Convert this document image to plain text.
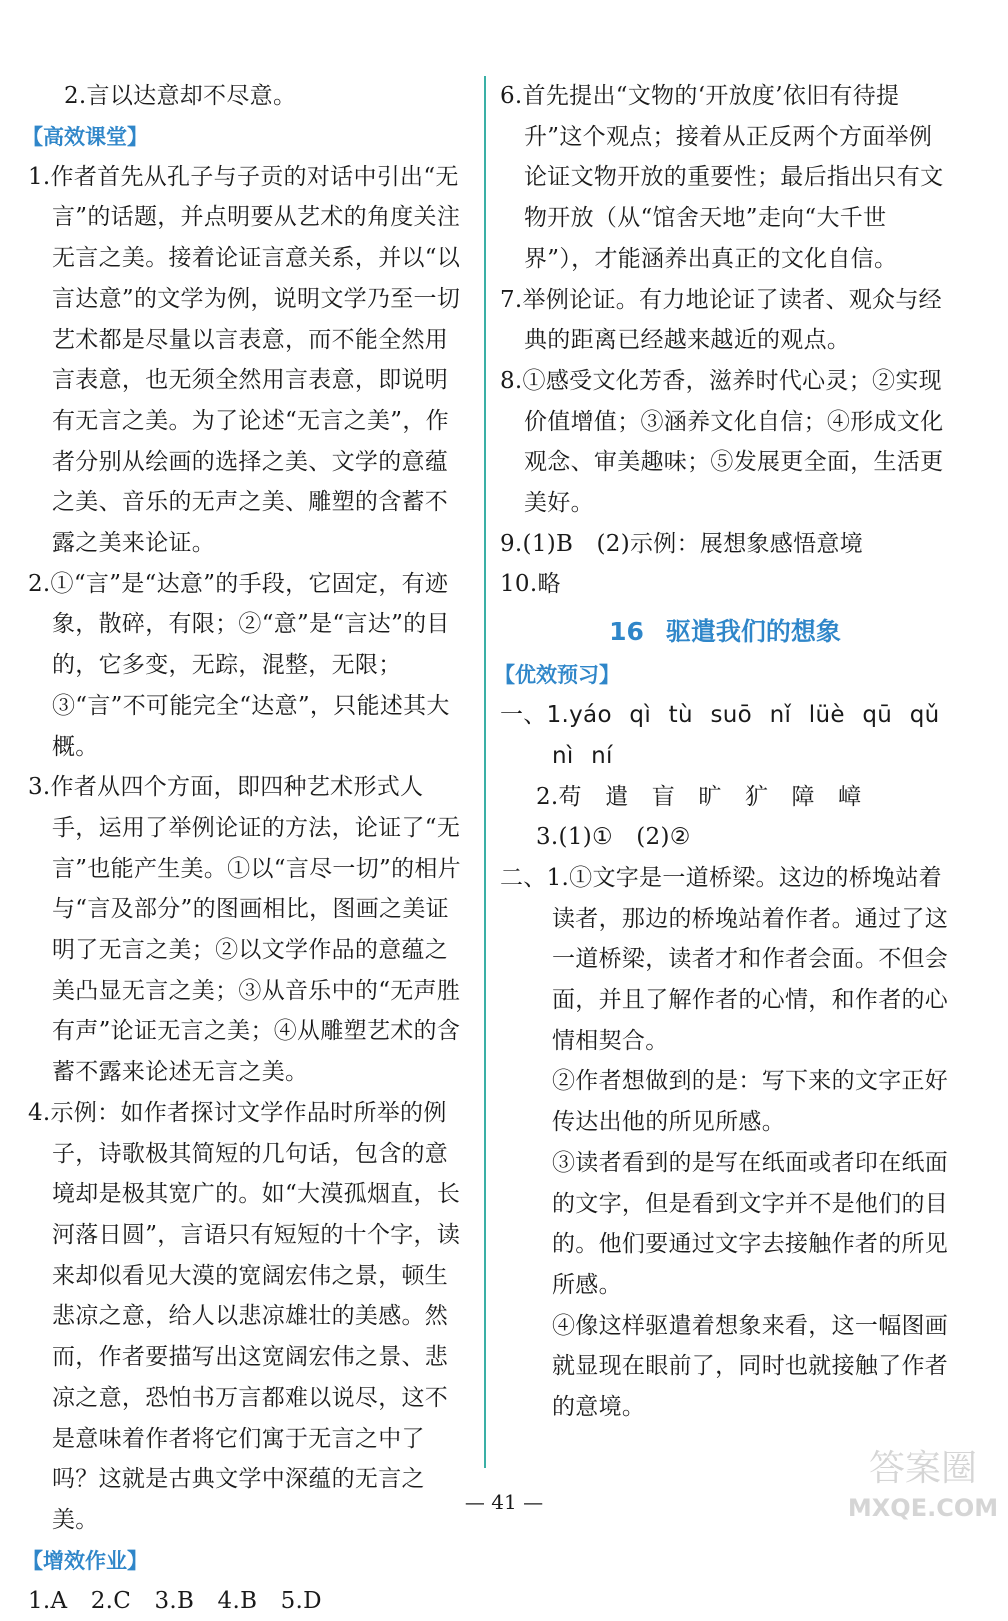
2.言以达意却不尽意。

【高效课堂】

1.作者首先从孔子与子贡的对话中引出“无言”的话题，并点明要从艺术的角度关注无言之美。接着论证言意关系，并以“以言达意”的文学为例，说明文学乃至一切艺术都是尽量以言表意，而不能全然用言表意，也无须全然用言表意，即说明有无言之美。为了论述“无言之美”，作者分别从绘画的选择之美、文学的意蕴之美、音乐的无声之美、雕塑的含蓄不露之美来论证。

2.①“言”是“达意”的手段，它固定，有迹象，散碎，有限；②“意”是“言达”的目的，它多变，无踪，混整，无限；③“言”不可能完全“达意”，只能述其大概。

3.作者从四个方面，即四种艺术形式人手，运用了举例论证的方法，论证了“无言”也能产生美。①以“言尽一切”的相片与“言及部分”的图画相比，图画之美证明了无言之美；②以文学作品的意蕴之美凸显无言之美；③从音乐中的“无声胜有声”论证无言之美；④从雕塑艺术的含蓄不露来论述无言之美。

4.示例：如作者探讨文学作品时所举的例子，诗歌极其简短的几句话，包含的意境却是极其宽广的。如“大漠孤烟直，长河落日圆”，言语只有短短的十个字，读来却似看见大漠的宽阔宏伟之景，顿生悲凉之意，给人以悲凉雄壮的美感。然而，作者要描写出这宽阔宏伟之景、悲凉之意，恐怕书万言都难以说尽，这不是意味着作者将它们寓于无言之中了吗？这就是古典文学中深蕴的无言之美。

【增效作业】

1.A　2.C　3.B　4.B　5.D

6.首先提出“文物的‘开放度’依旧有待提升”这个观点；接着从正反两个方面举例论证文物开放的重要性；最后指出只有文物开放（从“馆舍天地”走向“大千世界”），才能涵养出真正的文化自信。

7.举例论证。有力地论证了读者、观众与经典的距离已经越来越近的观点。

8.①感受文化芳香，滋养时代心灵；②实现价值增值；③涵养文化自信；④形成文化观念、审美趣味；⑤发展更全面，生活更美好。

9.(1)B　(2)示例：展想象感悟意境

10.略

16 驱遣我们的想象

【优效预习】

一、1.yáo qì tù suō nǐ lüè qū qǔ

nì ní

2.苟　遣　盲　旷　犷　障　嶂

3.(1)①　(2)②

二、1.①文字是一道桥梁。这边的桥堍站着读者，那边的桥堍站着作者。通过了这一道桥梁，读者才和作者会面。不但会面，并且了解作者的心情，和作者的心情相契合。

②作者想做到的是：写下来的文字正好传达出他的所见所感。

③读者看到的是写在纸面或者印在纸面的文字，但是看到文字并不是他们的目的。他们要通过文字去接触作者的所见所感。

④像这样驱遣着想象来看，这一幅图画就显现在眼前了，同时也就接触了作者的意境。

— 41 —
答案圈
MXQE.COM
